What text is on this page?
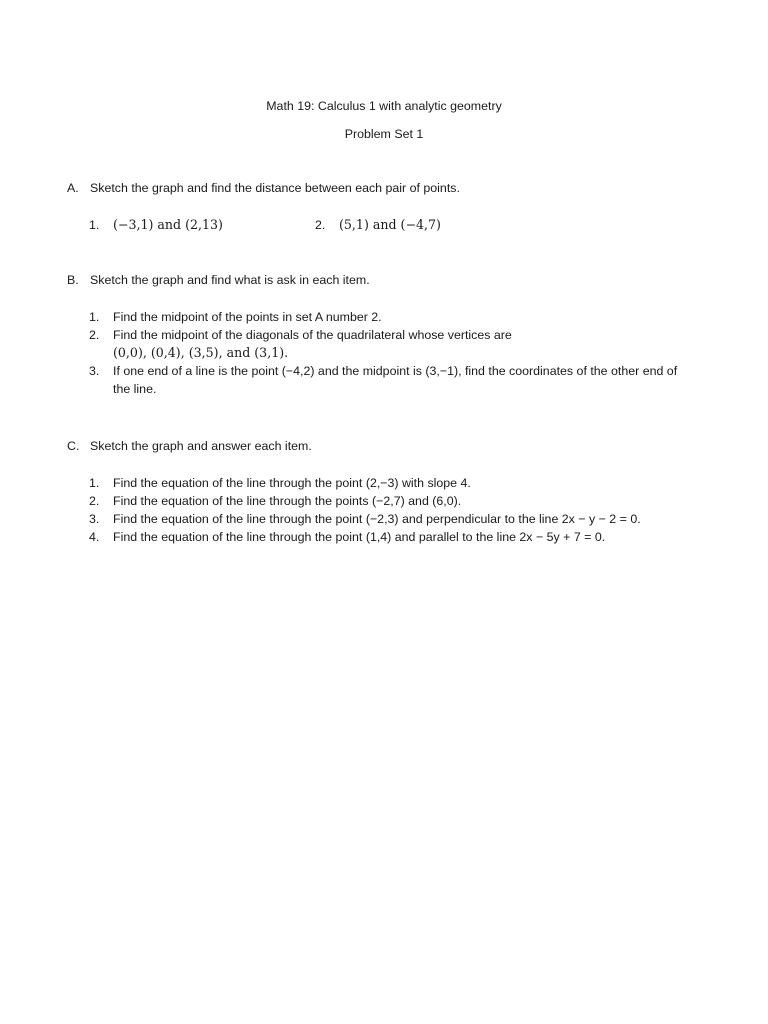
Math 19: Calculus 1 with analytic geometry
Problem Set 1
A. Sketch the graph and find the distance between each pair of points.
1.	(−3,1) and (2,13)	2.	(5,1) and (−4,7)
B. Sketch the graph and find what is ask in each item.
1.	Find the midpoint of the points in set A number 2.
2.	Find the midpoint of the diagonals of the quadrilateral whose vertices are
(0,0), (0,4), (3,5), and (3,1).
3.	If one end of a line is the point (−4,2) and the midpoint is (3,−1), find the coordinates of the other end of the line.
C. Sketch the graph and answer each item.
1.	Find the equation of the line through the point (2,−3) with slope 4.
2.	Find the equation of the line through the points (−2,7) and (6,0).
3.	Find the equation of the line through the point (−2,3) and perpendicular to the line 2x − y − 2 = 0.
4.	Find the equation of the line through the point (1,4) and parallel to the line 2x − 5y + 7 = 0.
